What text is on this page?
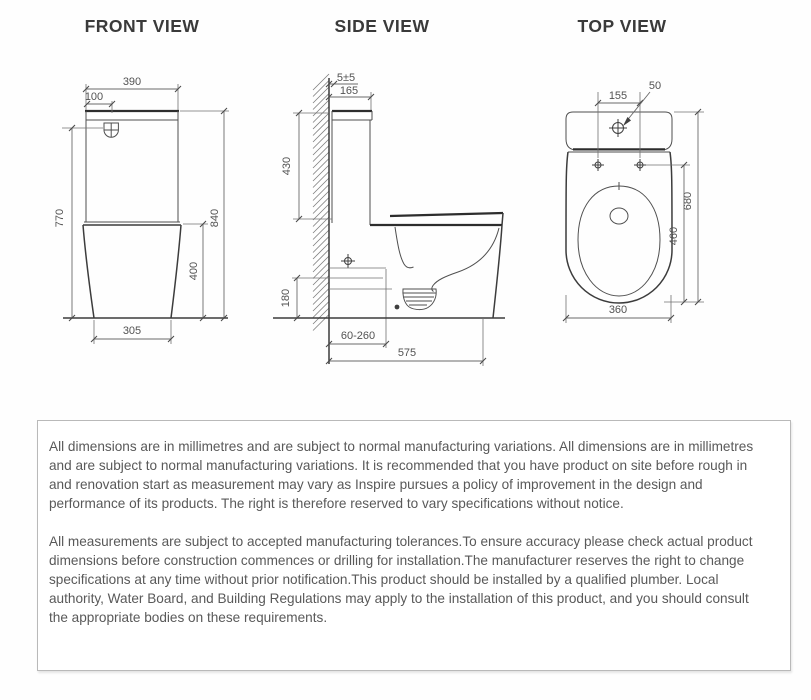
FRONT VIEW
390
100
770	840
400
305
SIDE VIEW
5±5
165
430
180
60-260
575
TOP VIEW
155
50
680
460
360

All dimensions are in millimetres and are subject to normal manufacturing variations. All dimensions are in millimetres and are subject to normal manufacturing variations. It is recommended that you have product on site before rough in and renovation start as measurement may vary as Inspire pursues a policy of improvement in the design and performance of its products. The right is therefore reserved to vary specifications without notice.

All measurements are subject to accepted manufacturing tolerances.To ensure accuracy please check actual product dimensions before construction commences or drilling for installation.The manufacturer reserves the right to change specifications at any time without prior notification.This product should be installed by a qualified plumber. Local authority, Water Board, and Building Regulations may apply to the installation of this product, and you should consult the appropriate bodies on these requirements.
